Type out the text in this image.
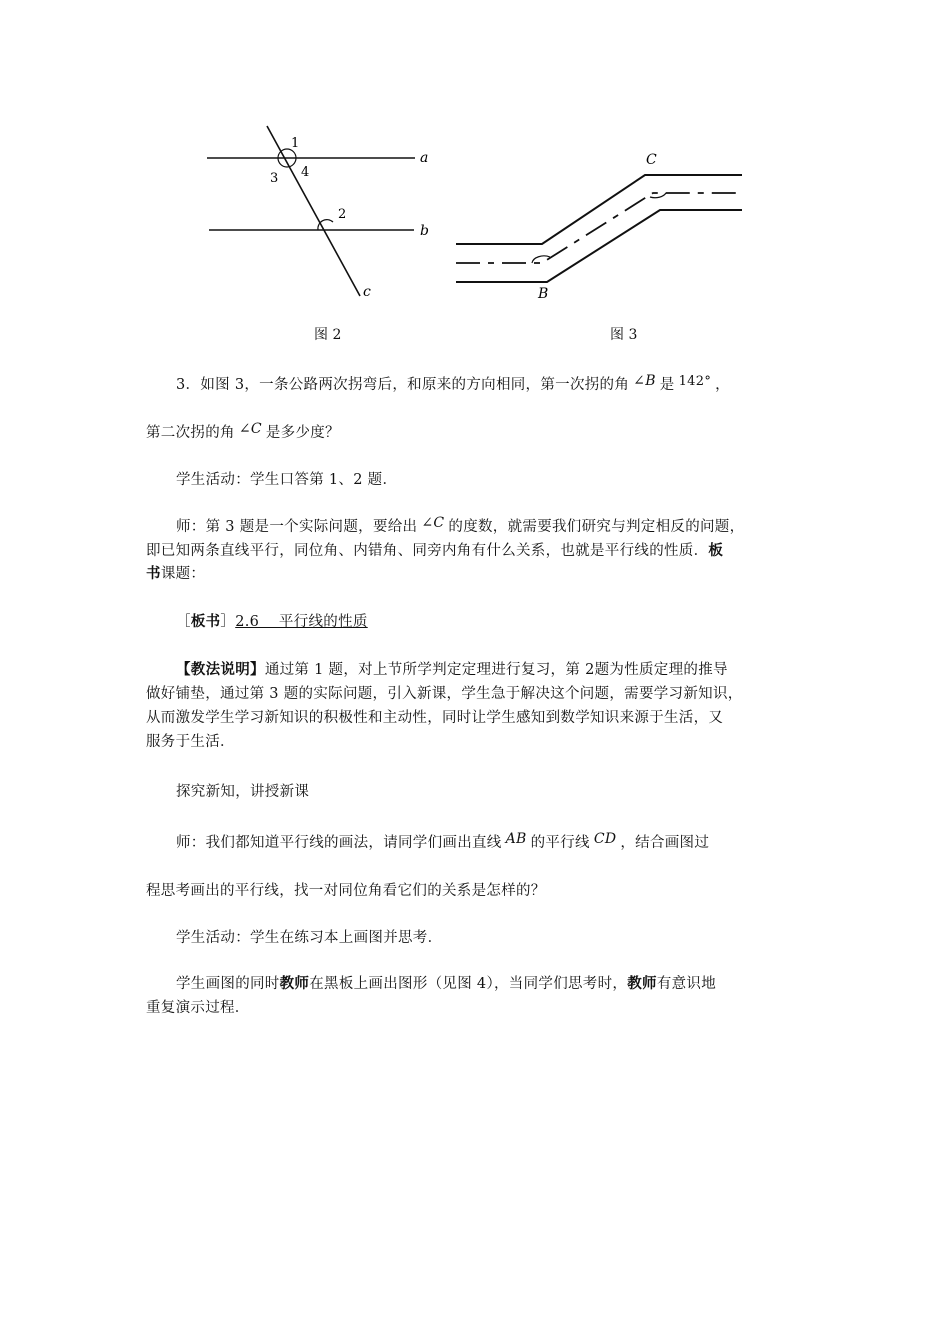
1
3 4
2
a
b
c
图 2
C
B
图 3
3．如图 3，一条公路两次拐弯后，和原来的方向相同，第一次拐的角 ∠B 是 142° ，
第二次拐的角 ∠C 是多少度？
学生活动：学生口答第 1、2 题．
师：第 3 题是一个实际问题，要给出 ∠C 的度数，就需要我们研究与判定相反的问题，
即已知两条直线平行，同位角、内错角、同旁内角有什么关系，也就是平行线的性质．板
书课题：
［板书］2.6　 平行线的性质
【教法说明】通过第 1 题，对上节所学判定定理进行复习，第 2题为性质定理的推导
做好铺垫，通过第 3 题的实际问题，引入新课，学生急于解决这个问题，需要学习新知识，
从而激发学生学习新知识的积极性和主动性，同时让学生感知到数学知识来源于生活，又
服务于生活．
探究新知，讲授新课
师：我们都知道平行线的画法，请同学们画出直线 AB 的平行线 CD ，结合画图过
程思考画出的平行线，找一对同位角看它们的关系是怎样的？
学生活动：学生在练习本上画图并思考．
学生画图的同时教师在黑板上画出图形（见图 4），当同学们思考时，教师有意识地
重复演示过程．
